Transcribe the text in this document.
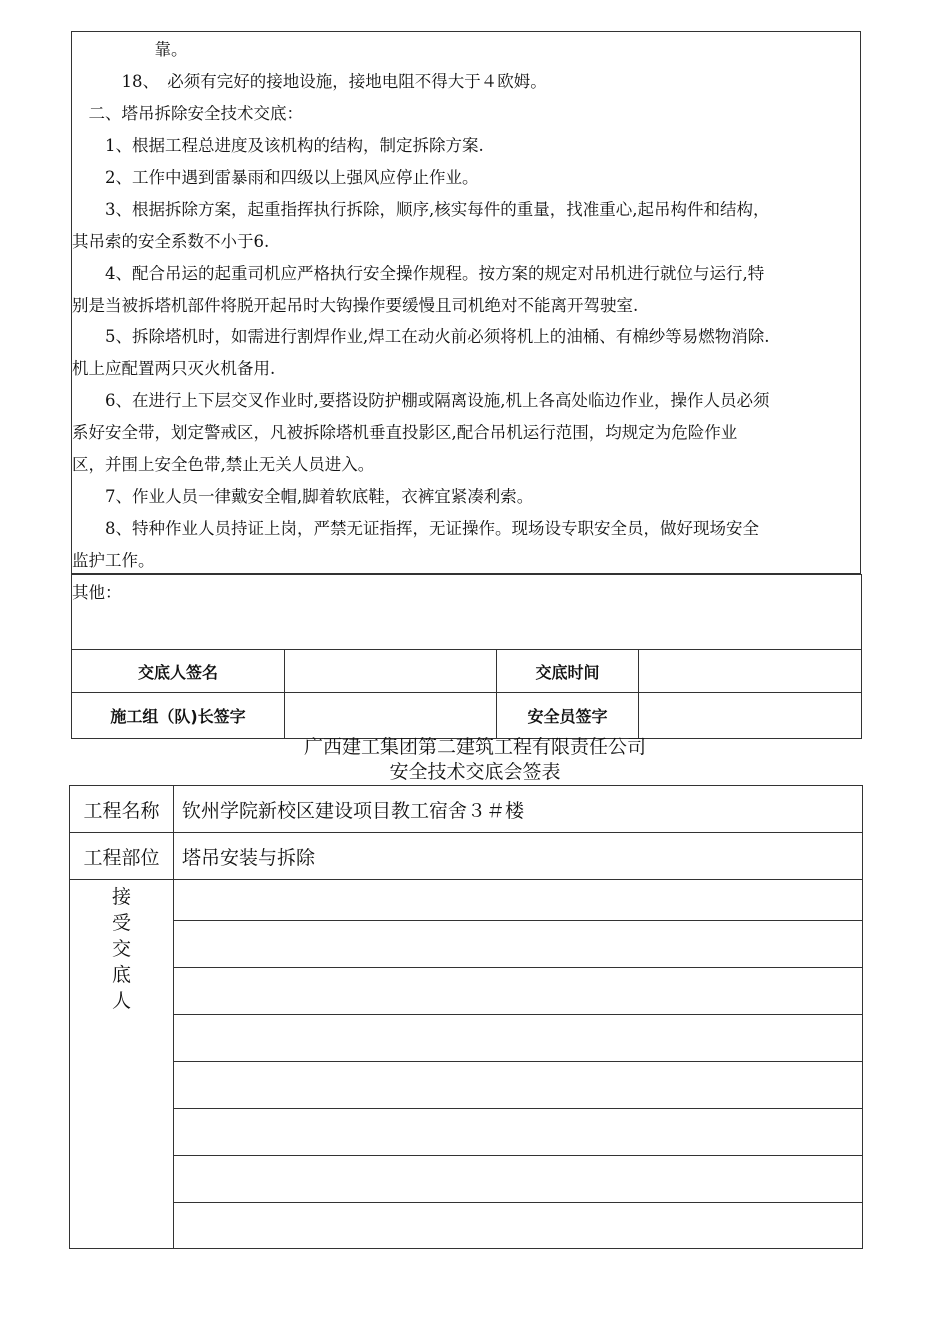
　　　　　靠。
　　　18、　必须有完好的接地设施，接地电阻不得大于４欧姆。
　二、塔吊拆除安全技术交底：
　　1、根据工程总进度及该机构的结构，制定拆除方案.
　　2、工作中遇到雷暴雨和四级以上强风应停止作业。
　　3、根据拆除方案，起重指挥执行拆除，顺序,核实每件的重量，找准重心,起吊构件和结构，
其吊索的安全系数不小于6.
　　4、配合吊运的起重司机应严格执行安全操作规程。按方案的规定对吊机进行就位与运行,特
别是当被拆塔机部件将脱开起吊时大钩操作要缓慢且司机绝对不能离开驾驶室.
　　5、拆除塔机时，如需进行割焊作业,焊工在动火前必须将机上的油桶、有棉纱等易燃物消除.
机上应配置两只灭火机备用.
　　6、在进行上下层交叉作业时,要搭设防护棚或隔离设施,机上各高处临边作业，操作人员必须
系好安全带，划定警戒区，凡被拆除塔机垂直投影区,配合吊机运行范围，均规定为危险作业
区，并围上安全色带,禁止无关人员进入。
　　7、作业人员一律戴安全帽,脚着软底鞋，衣裤宜紧凑利索。
　　8、特种作业人员持证上岗，严禁无证指挥，无证操作。现场设专职安全员，做好现场安全
监护工作。
其他：			
交底人签名		交底时间	
施工组（队)长签字		安全员签字	
广西建工集团第二建筑工程有限责任公司
安全技术交底会签表
工程名称	钦州学院新校区建设项目教工宿舍３＃楼
工程部位	塔吊安装与拆除

接
受
交
底
人	
